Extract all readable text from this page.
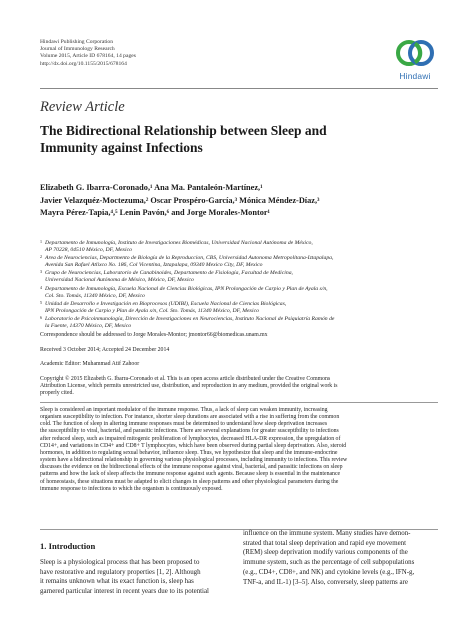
Hindawi Publishing Corporation
Journal of Immunology Research
Volume 2015, Article ID 678164, 14 pages
http://dx.doi.org/10.1155/2015/678164
Hindawi
Review Article
The Bidirectional Relationship between Sleep and
Immunity against Infections
Elizabeth G. Ibarra-Coronado,¹ Ana Ma. Pantaleón-Martínez,¹
Javier Velazquéz-Moctezuma,² Oscar Prospéro-García,³ Mónica Méndez-Díaz,³
Mayra Pérez-Tapia,⁴,⁵ Lenin Pavón,⁶ and Jorge Morales-Montor¹
1 Departamento de Inmunología, Instituto de Investigaciones Biomédicas, Universidad Nacional Autónoma de México,
AP 70228, 04510 México, DF, Mexico
2 Area de Neurociencias, Departmento de Biología de la Reproduccion, CBS, Universidad Autonoma Metropolitana-Iztapalapa,
Avenida San Rafael Atlixco No. 186, Col Vicentina, Iztapalapa, 09340 Mexico City, DF, Mexico
3 Grupo de Neurociencias, Laboratorio de Canabinoides, Departamento de Fisiología, Facultad de Medicina,
Universidad Nacional Autónoma de México, México, DF, Mexico
4 Departamento de Inmunología, Escuela Nacional de Ciencias Biológicas, IPN Prolongación de Carpio y Plan de Ayala s/n,
Col. Sto. Tomás, 11340 México, DF, Mexico
5 Unidad de Desarrollo e Investigación en Bioprocesos (UDIBI), Escuela Nacional de Ciencias Biológicas,
IPN Prolongación de Carpio y Plan de Ayala s/n, Col. Sto. Tomás, 11340 México, DF, Mexico
6 Laboratorio de Psicoinmunología, Dirección de Investigaciones en Neurociencias, Instituto Nacional de Psiquiatría Ramón de
la Fuente, 14370 México, DF, Mexico
Correspondence should be addressed to Jorge Morales-Montor; jmontor66@biomedicas.unam.mx
Received 3 October 2014; Accepted 24 December 2014
Academic Editor: Muhammad Atif Zahoor
Copyright © 2015 Elizabeth G. Ibarra-Coronado et al. This is an open access article distributed under the Creative Commons
Attribution License, which permits unrestricted use, distribution, and reproduction in any medium, provided the original work is
properly cited.
Sleep is considered an important modulator of the immune response. Thus, a lack of sleep can weaken immunity, increasing
organism susceptibility to infection. For instance, shorter sleep durations are associated with a rise in suffering from the common
cold. The function of sleep in altering immune responses must be determined to understand how sleep deprivation increases
the susceptibility to viral, bacterial, and parasitic infections. There are several explanations for greater susceptibility to infections
after reduced sleep, such as impaired mitogenic proliferation of lymphocytes, decreased HLA-DR expression, the upregulation of
CD14+, and variations in CD4+ and CD8+ T lymphocytes, which have been observed during partial sleep deprivation. Also, steroid
hormones, in addition to regulating sexual behavior, influence sleep. Thus, we hypothesize that sleep and the immune-endocrine
system have a bidirectional relationship in governing various physiological processes, including immunity to infections. This review
discusses the evidence on the bidirectional effects of the immune response against viral, bacterial, and parasitic infections on sleep
patterns and how the lack of sleep affects the immune response against such agents. Because sleep is essential in the maintenance
of homeostasis, these situations must be adapted to elicit changes in sleep patterns and other physiological parameters during the
immune response to infections to which the organism is continuously exposed.
1. Introduction
Sleep is a physiological process that has been proposed to
have restorative and regulatory properties [1, 2]. Although
it remains unknown what its exact function is, sleep has
garnered particular interest in recent years due to its potential
influence on the immune system. Many studies have demon-
strated that total sleep deprivation and rapid eye movement
(REM) sleep deprivation modify various components of the
immune system, such as the percentage of cell subpopulations
(e.g., CD4+, CD8+, and NK) and cytokine levels (e.g., IFN-g,
TNF-a, and IL-1) [3–5]. Also, conversely, sleep patterns are
